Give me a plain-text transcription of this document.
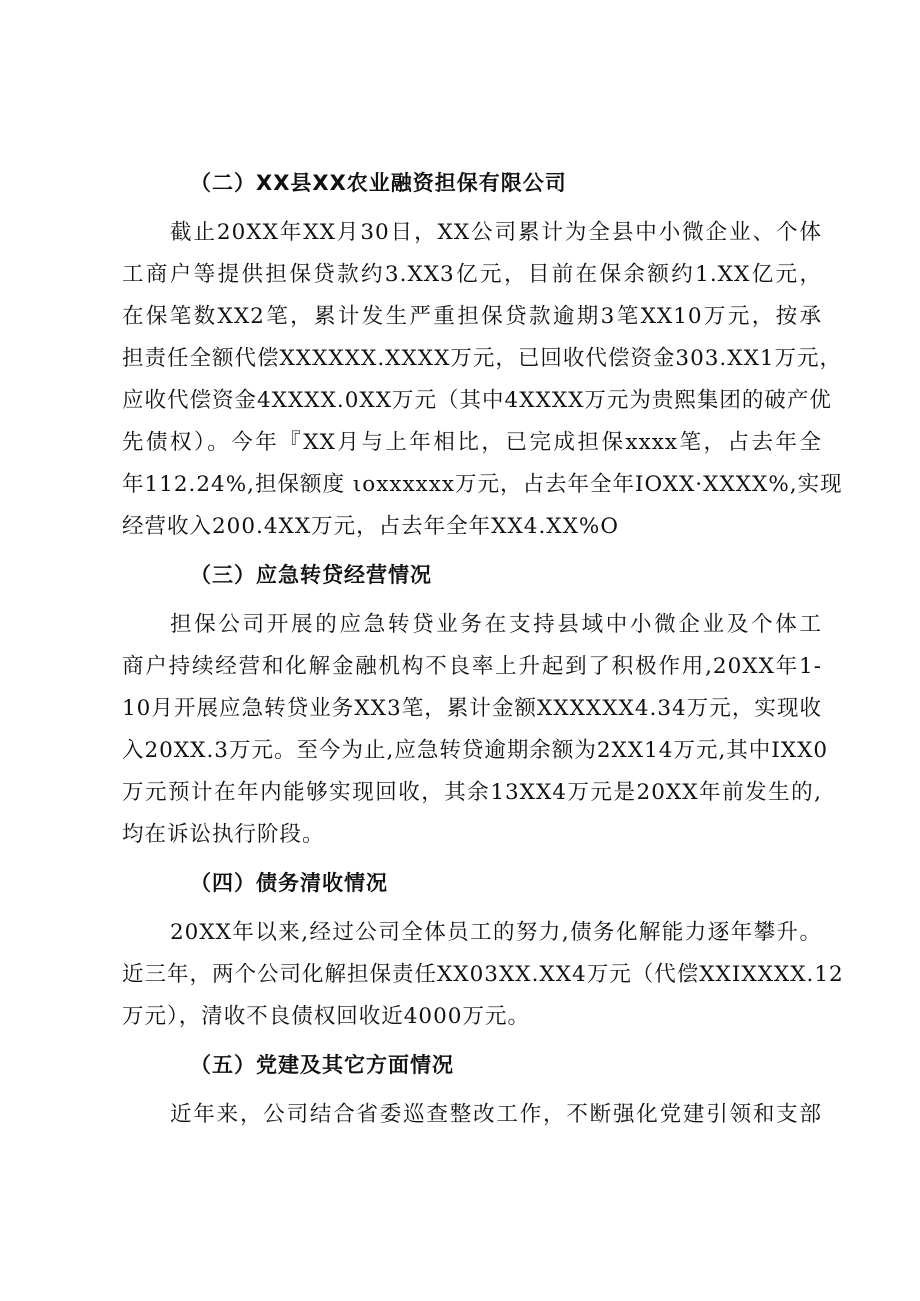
（二）XX县XX农业融资担保有限公司
截止20XX年XX月30日，XX公司累计为全县中小微企业、个体
工商户等提供担保贷款约3.XX3亿元，目前在保余额约1.XX亿元，
在保笔数XX2笔，累计发生严重担保贷款逾期3笔XX10万元，按承
担责任全额代偿XXXXXX.XXXX万元，已回收代偿资金303.XX1万元，
应收代偿资金4XXXX.0XX万元（其中4XXXX万元为贵熙集团的破产优
先债权）。今年『XX月与上年相比，已完成担保xxxx笔，占去年全
年112.24%,担保额度 ιoxxxxxx万元，占去年全年IOXX·XXXX%,实现
经营收入200.4XX万元，占去年全年XX4.XX%O
（三）应急转贷经营情况
担保公司开展的应急转贷业务在支持县域中小微企业及个体工
商户持续经营和化解金融机构不良率上升起到了积极作用,20XX年1-
10月开展应急转贷业务XX3笔，累计金额XXXXXX4.34万元，实现收
入20XX.3万元。至今为止,应急转贷逾期余额为2XX14万元,其中IXX0
万元预计在年内能够实现回收，其余13XX4万元是20XX年前发生的,
均在诉讼执行阶段。
（四）债务清收情况
20XX年以来,经过公司全体员工的努力,债务化解能力逐年攀升。
近三年，两个公司化解担保责任XX03XX.XX4万元（代偿XXIXXXX.12
万元），清收不良债权回收近4000万元。
（五）党建及其它方面情况
近年来，公司结合省委巡查整改工作，不断强化党建引领和支部
